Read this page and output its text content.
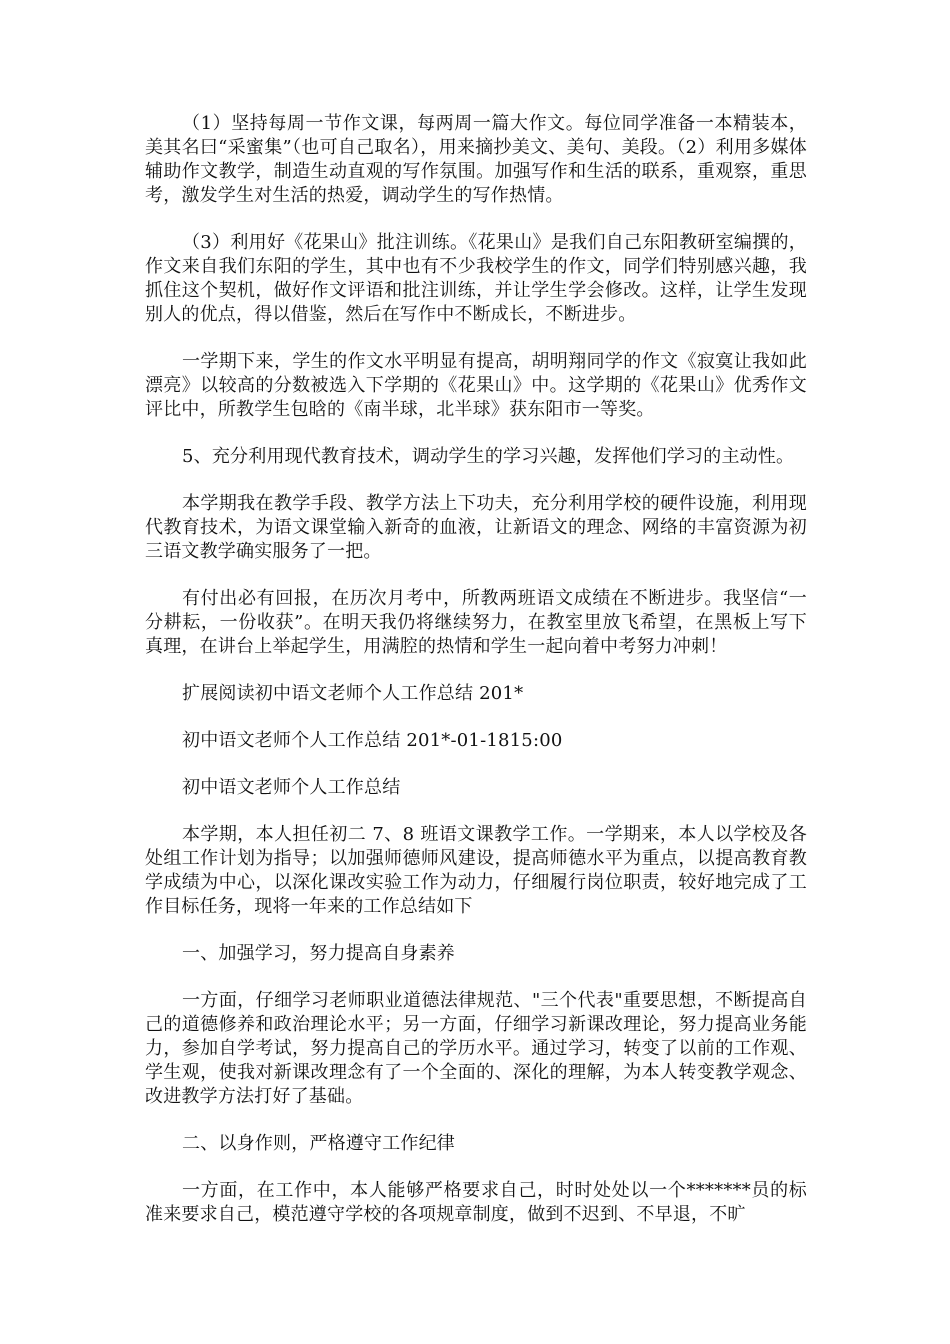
（1）坚持每周一节作文课，每两周一篇大作文。每位同学准备一本精装本，美其名曰“采蜜集”（也可自己取名），用来摘抄美文、美句、美段。（2）利用多媒体辅助作文教学，制造生动直观的写作氛围。加强写作和生活的联系，重观察，重思考，激发学生对生活的热爱，调动学生的写作热情。

（3）利用好《花果山》批注训练。《花果山》是我们自己东阳教研室编撰的，作文来自我们东阳的学生，其中也有不少我校学生的作文，同学们特别感兴趣，我抓住这个契机，做好作文评语和批注训练，并让学生学会修改。这样，让学生发现别人的优点，得以借鉴，然后在写作中不断成长，不断进步。

一学期下来，学生的作文水平明显有提高，胡明翔同学的作文《寂寞让我如此漂亮》以较高的分数被选入下学期的《花果山》中。这学期的《花果山》优秀作文评比中，所教学生包晗的《南半球，北半球》获东阳市一等奖。

5、充分利用现代教育技术，调动学生的学习兴趣，发挥他们学习的主动性。

本学期我在教学手段、教学方法上下功夫，充分利用学校的硬件设施，利用现代教育技术，为语文课堂输入新奇的血液，让新语文的理念、网络的丰富资源为初三语文教学确实服务了一把。

有付出必有回报，在历次月考中，所教两班语文成绩在不断进步。我坚信“一分耕耘，一份收获”。在明天我仍将继续努力，在教室里放飞希望，在黑板上写下真理，在讲台上举起学生，用满腔的热情和学生一起向着中考努力冲刺！

扩展阅读初中语文老师个人工作总结 201*

初中语文老师个人工作总结 201*-01-1815:00

初中语文老师个人工作总结

本学期，本人担任初二 7、8 班语文课教学工作。一学期来，本人以学校及各处组工作计划为指导；以加强师德师风建设，提高师德水平为重点，以提高教育教学成绩为中心，以深化课改实验工作为动力，仔细履行岗位职责，较好地完成了工作目标任务，现将一年来的工作总结如下

一、加强学习，努力提高自身素养

一方面，仔细学习老师职业道德法律规范、"三个代表"重要思想，不断提高自己的道德修养和政治理论水平；另一方面，仔细学习新课改理论，努力提高业务能力，参加自学考试，努力提高自己的学历水平。通过学习，转变了以前的工作观、学生观，使我对新课改理念有了一个全面的、深化的理解，为本人转变教学观念、改进教学方法打好了基础。

二、以身作则，严格遵守工作纪律

一方面，在工作中，本人能够严格要求自己，时时处处以一个*******员的标准来要求自己，模范遵守学校的各项规章制度，做到不迟到、不早退，不旷
